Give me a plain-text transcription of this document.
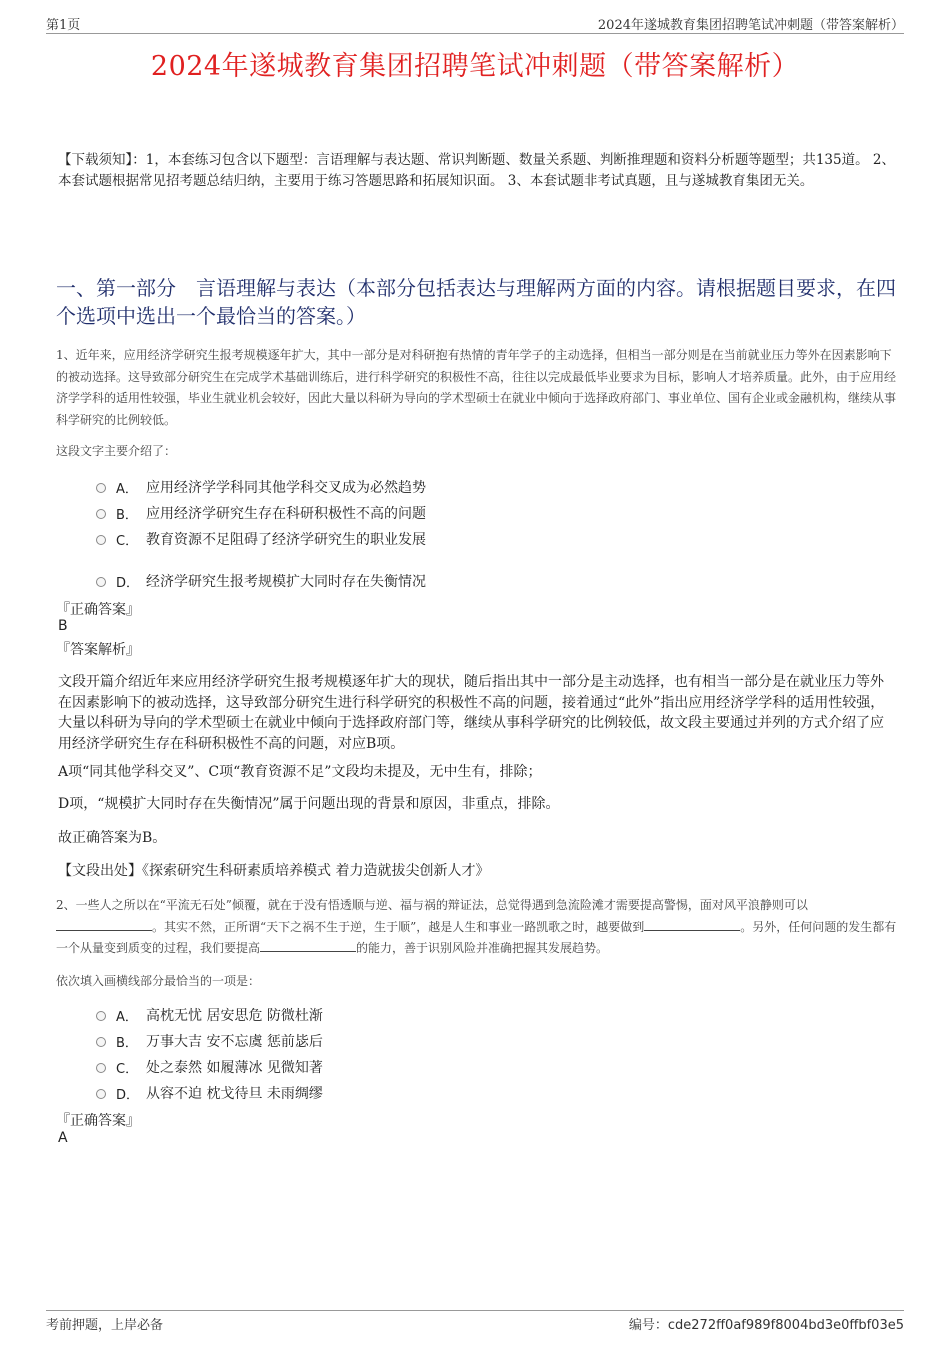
第1页	2024年遂城教育集团招聘笔试冲刺题（带答案解析）
2024年遂城教育集团招聘笔试冲刺题（带答案解析）
【下载须知】：1，本套练习包含以下题型：言语理解与表达题、常识判断题、数量关系题、判断推理题和资料分析题等题型；共135道。 2、本套试题根据常见招考题总结归纳，主要用于练习答题思路和拓展知识面。 3、本套试题非考试真题，且与遂城教育集团无关。
一、第一部分　言语理解与表达（本部分包括表达与理解两方面的内容。请根据题目要求，在四个选项中选出一个最恰当的答案。）
1、近年来，应用经济学研究生报考规模逐年扩大，其中一部分是对科研抱有热情的青年学子的主动选择，但相当一部分则是在当前就业压力等外在因素影响下的被动选择。这导致部分研究生在完成学术基础训练后，进行科学研究的积极性不高，往往以完成最低毕业要求为目标，影响人才培养质量。此外，由于应用经济学学科的适用性较强，毕业生就业机会较好，因此大量以科研为导向的学术型硕士在就业中倾向于选择政府部门、事业单位、国有企业或金融机构，继续从事科学研究的比例较低。
这段文字主要介绍了：
A． 应用经济学学科同其他学科交叉成为必然趋势
B． 应用经济学研究生存在科研积极性不高的问题
C． 教育资源不足阻碍了经济学研究生的职业发展
D． 经济学研究生报考规模扩大同时存在失衡情况
『正确答案』
B
『答案解析』
文段开篇介绍近年来应用经济学研究生报考规模逐年扩大的现状，随后指出其中一部分是主动选择，也有相当一部分是在就业压力等外在因素影响下的被动选择，这导致部分研究生进行科学研究的积极性不高的问题，接着通过“此外”指出应用经济学学科的适用性较强，大量以科研为导向的学术型硕士在就业中倾向于选择政府部门等，继续从事科学研究的比例较低，故文段主要通过并列的方式介绍了应用经济学研究生存在科研积极性不高的问题，对应B项。
A项“同其他学科交叉”、C项“教育资源不足”文段均未提及，无中生有，排除；
D项，“规模扩大同时存在失衡情况”属于问题出现的背景和原因，非重点，排除。
故正确答案为B。
【文段出处】《探索研究生科研素质培养模式 着力造就拔尖创新人才》
2、一些人之所以在“平流无石处”倾覆，就在于没有悟透顺与逆、福与祸的辩证法，总觉得遇到急流险滩才需要提高警惕，面对风平浪静则可以。其实不然，正所谓“天下之祸不生于逆，生于顺”，越是人生和事业一路凯歌之时，越要做到	。另外，任何问题的发生都有一个从量变到质变的过程，我们要提高	的能力，善于识别风险并准确把握其发展趋势。
依次填入画横线部分最恰当的一项是：
A． 高枕无忧 居安思危 防微杜渐
B． 万事大吉 安不忘虞 惩前毖后
C． 处之泰然 如履薄冰 见微知著
D． 从容不迫 枕戈待旦 未雨绸缪
『正确答案』
A
考前押题，上岸必备	编号：cde272ff0af989f8004bd3e0ffbf03e5
